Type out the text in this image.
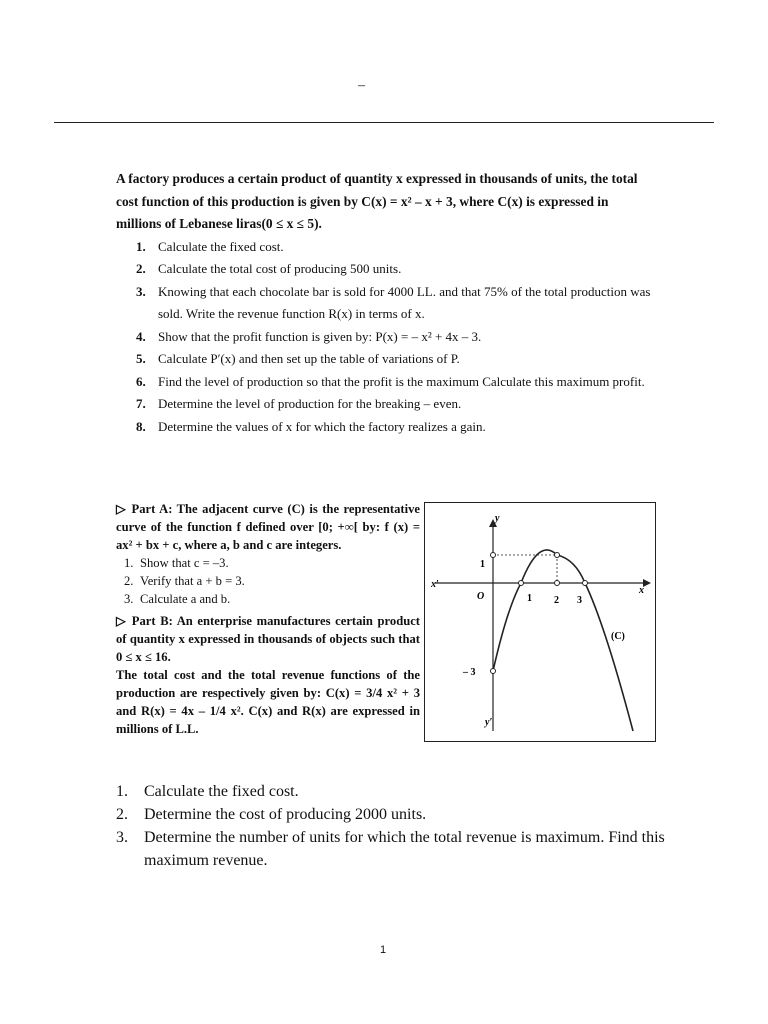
–

A factory produces a certain product of quantity x expressed in thousands of units, the total cost function of this production is given by C(x) = x² – x + 3, where C(x) is expressed in millions of Lebanese liras(0 ≤ x ≤ 5).

1. Calculate the fixed cost.
2. Calculate the total cost of producing 500 units.
3. Knowing that each chocolate bar is sold for 4000 LL. and that 75% of the total production was sold. Write the revenue function R(x) in terms of x.
4. Show that the profit function is given by: P(x) = – x² + 4x – 3.
5. Calculate P′(x) and then set up the table of variations of P.
6. Find the level of production so that the profit is the maximum Calculate this maximum profit.
7. Determine the level of production for the breaking – even.
8. Determine the values of x for which the factory realizes a gain.

▷ Part A: The adjacent curve (C) is the representative curve of the function f defined over [0; +∞[ by: f (x) = ax² + bx + c, where a, b and c are integers.

1. Show that c = –3.
2. Verify that a + b = 3.
3. Calculate a and b.

▷ Part B: An enterprise manufactures certain product of quantity x expressed in thousands of objects such that 0 ≤ x ≤ 16.

The total cost and the total revenue functions of the production are respectively given by: C(x) = 3/4 x² + 3 and R(x) = 4x – 1/4 x². C(x) and R(x) are expressed in millions of L.L.

y
y′
x
x′
O	1 2 3
1
– 3
(C)
1. Calculate the fixed cost.
2. Determine the cost of producing 2000 units.
3. Determine the number of units for which the total revenue is maximum. Find this maximum revenue.
1
